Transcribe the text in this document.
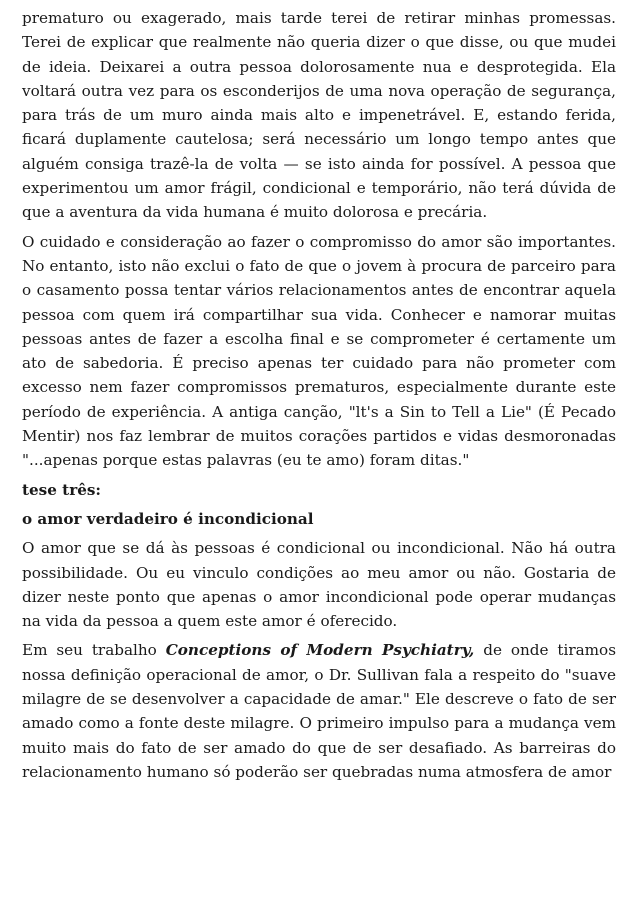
prematuro ou exagerado, mais tarde terei de retirar minhas promessas. Terei de explicar que realmente não queria dizer o que disse, ou que mudei de ideia. Deixarei a outra pessoa dolorosamente nua e desprotegida. Ela voltará outra vez para os esconderijos de uma nova operação de segurança, para trás de um muro ainda mais alto e impenetrável. E, estando ferida, ficará duplamente cautelosa; será necessário um longo tempo antes que alguém consiga trazê-la de volta — se isto ainda for possível. A pessoa que experimentou um amor frágil, condicional e temporário, não terá dúvida de que a aventura da vida humana é muito dolorosa e precária.

O cuidado e consideração ao fazer o compromisso do amor são importantes. No entanto, isto não exclui o fato de que o jovem à procura de parceiro para o casamento possa tentar vários relacionamentos antes de encontrar aquela pessoa com quem irá compartilhar sua vida. Conhecer e namorar muitas pessoas antes de fazer a escolha final e se comprometer é certamente um ato de sabedoria. É preciso apenas ter cuidado para não prometer com excesso nem fazer compromissos prematuros, especialmente durante este período de experiência. A antiga canção, "lt's a Sin to Tell a Lie" (É Pecado Mentir) nos faz lembrar de muitos corações partidos e vidas desmoronadas "...apenas porque estas palavras (eu te amo) foram ditas."

tese três:

o amor verdadeiro é incondicional

O amor que se dá às pessoas é condicional ou incondicional. Não há outra possibilidade. Ou eu vinculo condições ao meu amor ou não. Gostaria de dizer neste ponto que apenas o amor incondicional pode operar mudanças na vida da pessoa a quem este amor é oferecido.

Em seu trabalho Conceptions of Modern Psychiatry, de onde tiramos nossa definição operacional de amor, o Dr. Sullivan fala a respeito do "suave milagre de se desenvolver a capacidade de amar." Ele descreve o fato de ser amado como a fonte deste milagre. O primeiro impulso para a mudança vem muito mais do fato de ser amado do que de ser desafiado. As barreiras do relacionamento humano só poderão ser quebradas numa atmosfera de amor
